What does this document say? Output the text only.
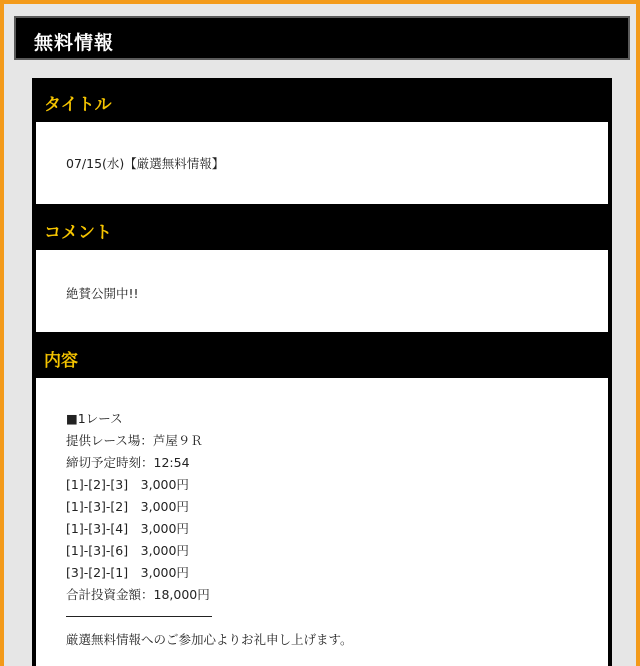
無料情報
タイトル
07/15(水)【厳選無料情報】
コメント
絶賛公開中!!
内容
■1レース
提供レース場：芦屋９Ｒ
締切予定時刻：12:54
[1]-[2]-[3]　3,000円
[1]-[3]-[2]　3,000円
[1]-[3]-[4]　3,000円
[1]-[3]-[6]　3,000円
[3]-[2]-[1]　3,000円
合計投資金額：18,000円
厳選無料情報へのご参加心よりお礼申し上げます。
